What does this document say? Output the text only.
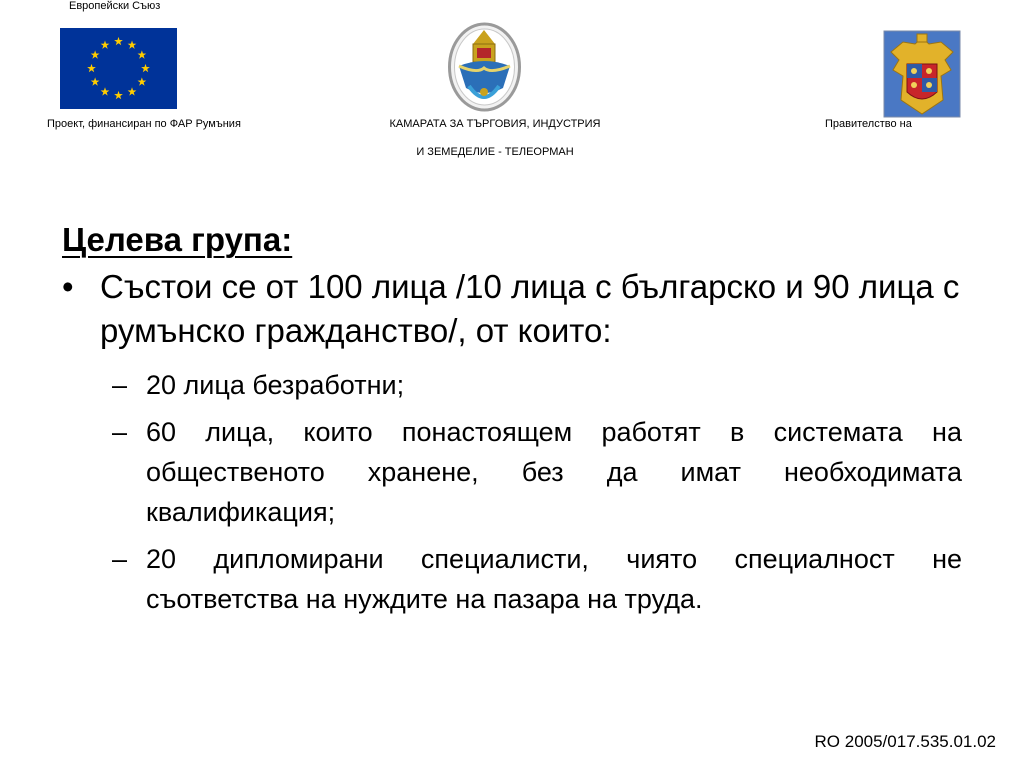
Европейски Съюз
Проект, финансиран по ФАР Румъния	КАМАРАТА ЗА ТЪРГОВИЯ, ИНДУСТРИЯ
И ЗЕМЕДЕЛИЕ - ТЕЛЕОРМАН
Правителство на
Целева група:
• Състои се от 100 лица /10 лица с българско и 90 лица с румънско гражданство/, от които:
– 20 лица безработни;
– 60 лица, които понастоящем работят в системата на общественото хранене, без да имат необходимата квалификация;
– 20 дипломирани специалисти, чиято специалност не съответства на нуждите на пазара на труда.
RO 2005/017.535.01.02
